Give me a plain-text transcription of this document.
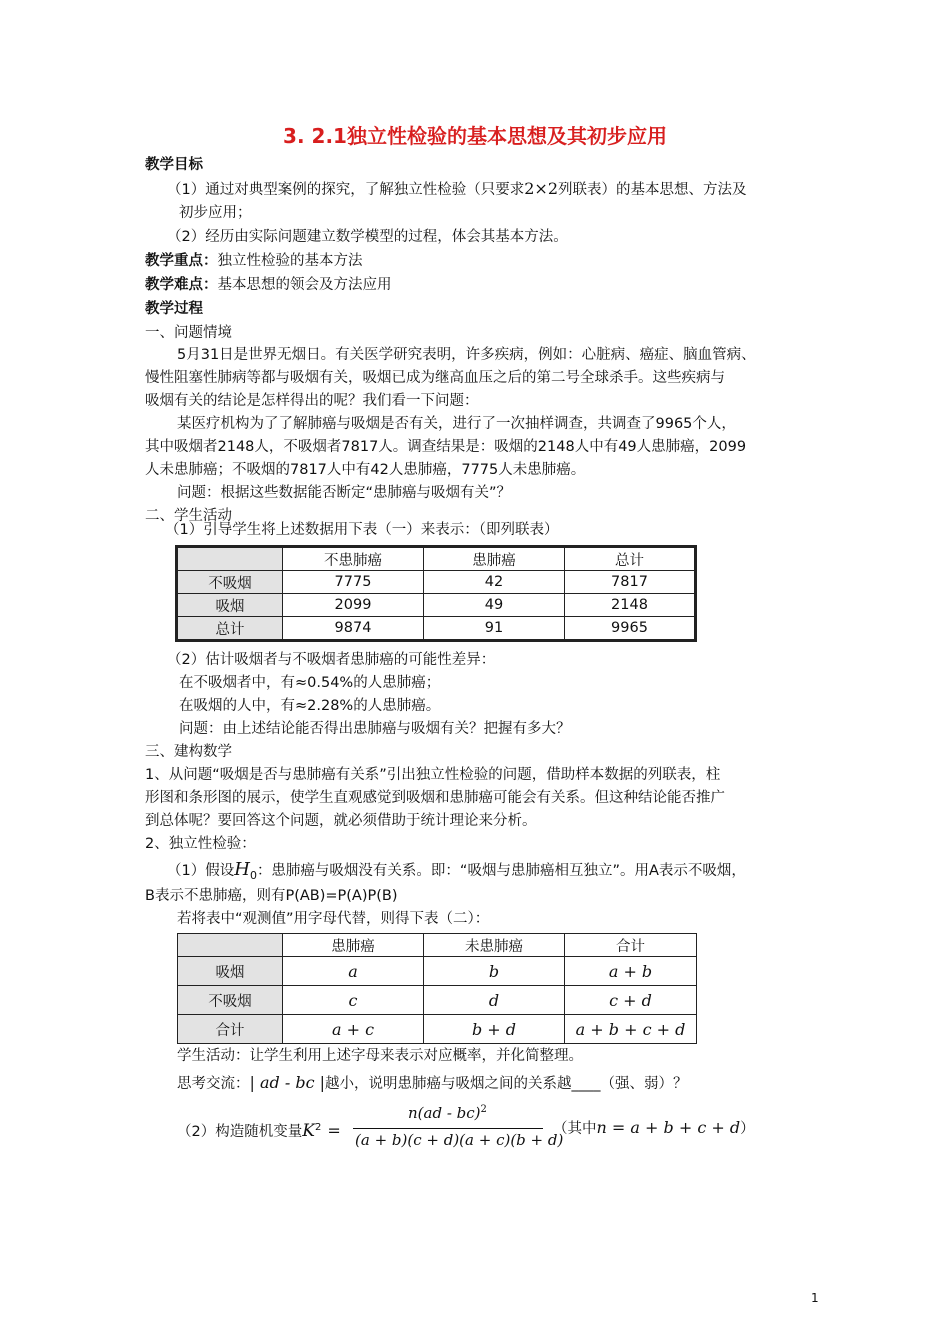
3. 2.1独立性检验的基本思想及其初步应用
教学目标
（1）通过对典型案例的探究，了解独立性检验（只要求2×2列联表）的基本思想、方法及
初步应用；
（2）经历由实际问题建立数学模型的过程，体会其基本方法。
教学重点：独立性检验的基本方法
教学难点：基本思想的领会及方法应用
教学过程
一、问题情境
5月31日是世界无烟日。有关医学研究表明，许多疾病，例如：心脏病、癌症、脑血管病、
慢性阻塞性肺病等都与吸烟有关，吸烟已成为继高血压之后的第二号全球杀手。这些疾病与
吸烟有关的结论是怎样得出的呢？我们看一下问题：
某医疗机构为了了解肺癌与吸烟是否有关，进行了一次抽样调查，共调查了9965个人，
其中吸烟者2148人，不吸烟者7817人。调查结果是：吸烟的2148人中有49人患肺癌，2099
人未患肺癌；不吸烟的7817人中有42人患肺癌，7775人未患肺癌。
问题：根据这些数据能否断定“患肺癌与吸烟有关”？
二、学生活动
（1）引导学生将上述数据用下表（一）来表示：（即列联表）
	不患肺癌	患肺癌	总计
不吸烟	7775	42	7817
吸烟	2099	49	2148
总计	9874	91	9965
（2）估计吸烟者与不吸烟者患肺癌的可能性差异：
在不吸烟者中，有≈0.54%的人患肺癌；
在吸烟的人中，有≈2.28%的人患肺癌。
问题：由上述结论能否得出患肺癌与吸烟有关？把握有多大？
三、建构数学
1、从问题“吸烟是否与患肺癌有关系”引出独立性检验的问题，借助样本数据的列联表，柱
形图和条形图的展示，使学生直观感觉到吸烟和患肺癌可能会有关系。但这种结论能否推广
到总体呢？要回答这个问题，就必须借助于统计理论来分析。
2、独立性检验：
（1）假设$H_0$：患肺癌与吸烟没有关系。即：“吸烟与患肺癌相互独立”。用A表示不吸烟，
B表示不患肺癌，则有P(AB)=P(A)P(B)
若将表中“观测值”用字母代替，则得下表（二）：
	患肺癌	未患肺癌	合计
吸烟	a	b	a + b
不吸烟	c	d	c + d
合计	a + c	b + d	a + b + c + d
学生活动：让学生利用上述字母来表示对应概率，并化简整理。
思考交流：| ad - bc |越小，说明患肺癌与吸烟之间的关系越____（强、弱）？
（2）构造随机变量$K^2$ =
n(ad - bc)$^2$
(a + b)(c + d)(a + c)(b + d)
（其中n = a + b + c + d）
1
